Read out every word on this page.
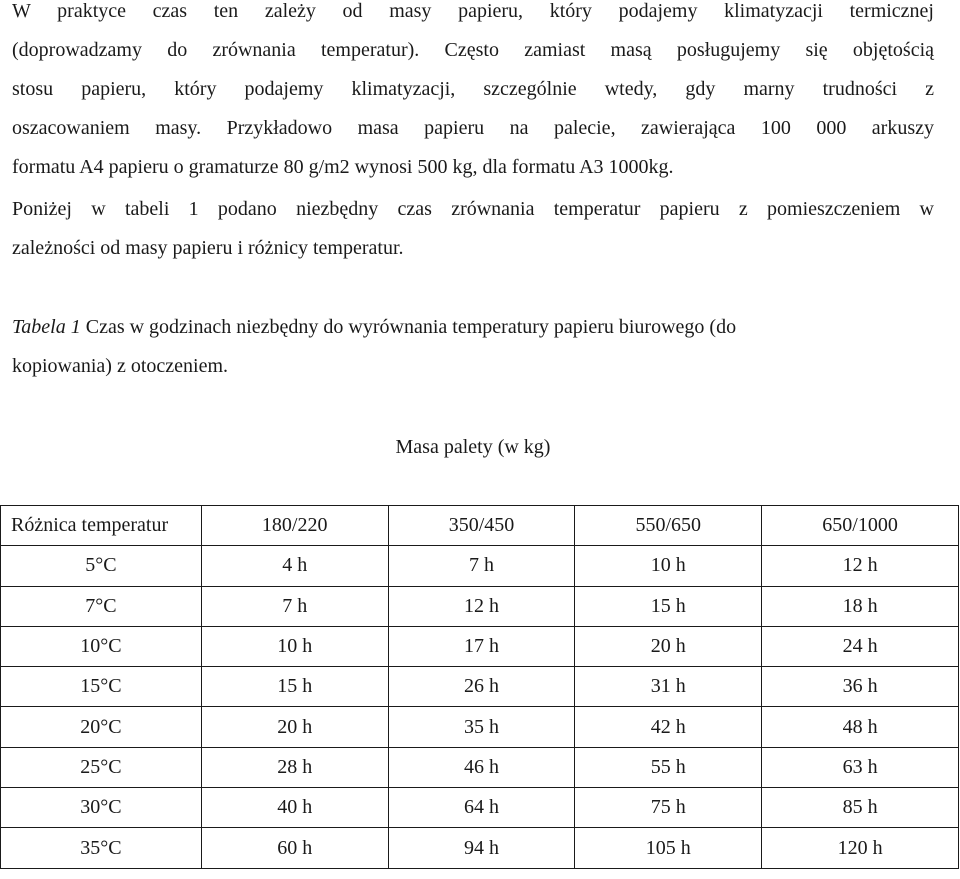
W praktyce czas ten zależy od masy papieru, który podajemy klimatyzacji termicznej
(doprowadzamy do zrównania temperatur). Często zamiast masą posługujemy się objętością
stosu papieru, który podajemy klimatyzacji, szczególnie wtedy, gdy marny trudności z
oszacowaniem masy. Przykładowo masa papieru na palecie, zawierająca 100 000 arkuszy
formatu A4 papieru o gramaturze 80 g/m2 wynosi 500 kg, dla formatu A3 1000kg.
Poniżej w tabeli 1 podano niezbędny czas zrównania temperatur papieru z pomieszczeniem w
zależności od masy papieru i różnicy temperatur.
Tabela 1 Czas w godzinach niezbędny do wyrównania temperatury papieru biurowego (do
kopiowania) z otoczeniem.
Masa palety (w kg)
Różnica temperatur	180/220	350/450	550/650	650/1000
5°C	4 h	7 h	10 h	12 h
7°C	7 h	12 h	15 h	18 h
10°C	10 h	17 h	20 h	24 h
15°C	15 h	26 h	31 h	36 h
20°C	20 h	35 h	42 h	48 h
25°C	28 h	46 h	55 h	63 h
30°C	40 h	64 h	75 h	85 h
35°C	60 h	94 h	105 h	120 h
